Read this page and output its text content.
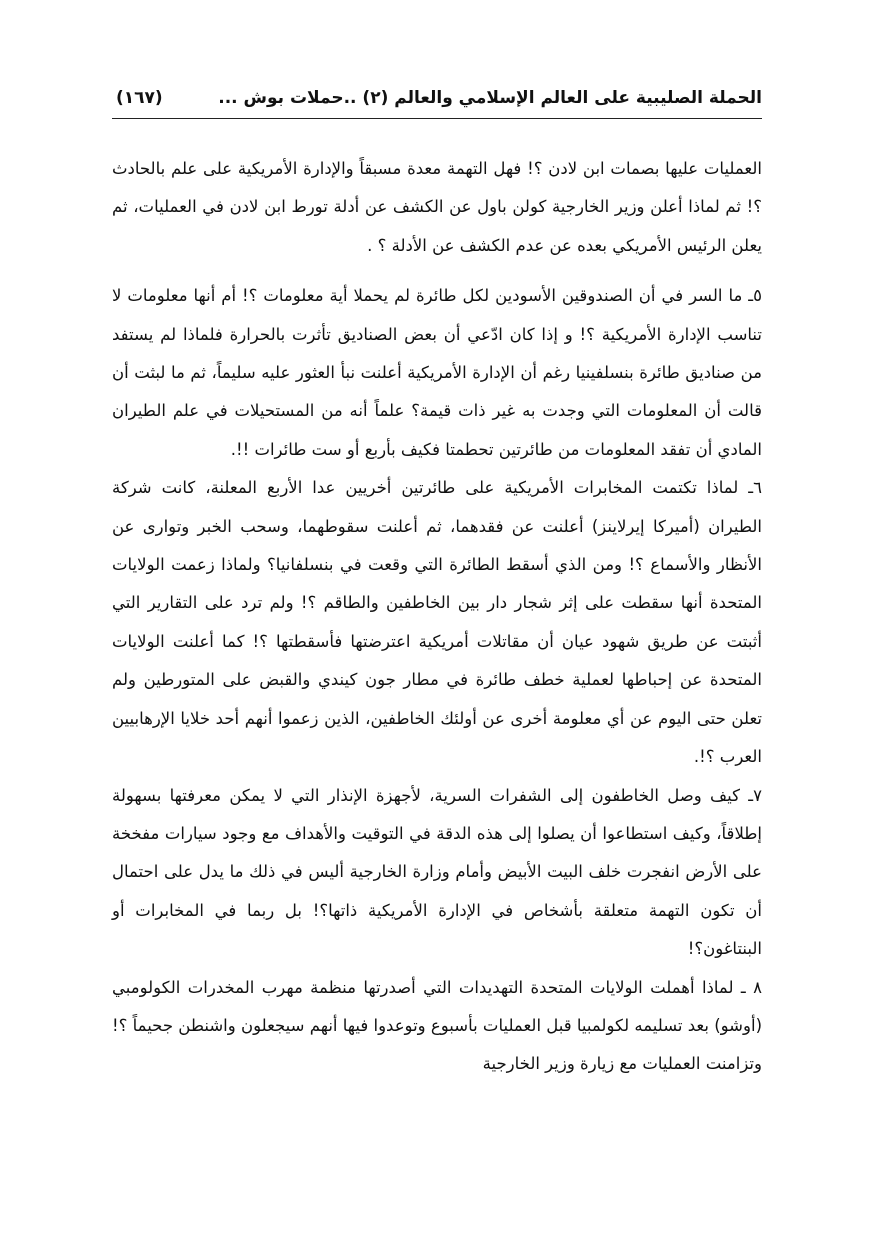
الحملة الصليبية على العالم الإسلامي والعالم (٢) ..حملات بوش ...
(١٦٧)

العمليات عليها بصمات ابن لادن ؟! فهل التهمة معدة مسبقاً والإدارة الأمريكية على علم بالحادث ؟! ثم لماذا أعلن وزير الخارجية كولن باول عن الكشف عن أدلة تورط ابن لادن في العمليات، ثم يعلن الرئيس الأمريكي بعده عن عدم الكشف عن الأدلة ؟ .

٥ـ ما السر في أن الصندوقين الأسودين لكل طائرة لم يحملا أية معلومات ؟! أم أنها معلومات لا تناسب الإدارة الأمريكية ؟! و إذا كان ادّعي أن بعض الصناديق تأثرت بالحرارة فلماذا لم يستفد من صناديق طائرة بنسلفينيا رغم أن الإدارة الأمريكية أعلنت نبأ العثور عليه سليماً، ثم ما لبثت أن قالت أن المعلومات التي وجدت به غير ذات قيمة؟ علماً أنه من المستحيلات في علم الطيران المادي أن تفقد المعلومات من طائرتين تحطمتا فكيف بأربع أو ست طائرات !!.

٦ـ لماذا تكتمت المخابرات الأمريكية على طائرتين أخريين عدا الأربع المعلنة، كانت شركة الطيران (أميركا إيرلاينز) أعلنت عن فقدهما، ثم أعلنت سقوطهما، وسحب الخبر وتوارى عن الأنظار والأسماع ؟! ومن الذي أسقط الطائرة التي وقعت في بنسلفانيا؟ ولماذا زعمت الولايات المتحدة أنها سقطت على إثر شجار دار بين الخاطفين والطاقم ؟! ولم ترد على التقارير التي أثبتت عن طريق شهود عيان أن مقاتلات أمريكية اعترضتها فأسقطتها ؟! كما أعلنت الولايات المتحدة عن إحباطها لعملية خطف طائرة في مطار جون كيندي والقبض على المتورطين ولم تعلن حتى اليوم عن أي معلومة أخرى عن أولئك الخاطفين، الذين زعموا أنهم أحد خلايا الإرهابيين العرب ؟!.

٧ـ كيف وصل الخاطفون إلى الشفرات السرية، لأجهزة الإنذار التي لا يمكن معرفتها بسهولة إطلاقاً، وكيف استطاعوا أن يصلوا إلى هذه الدقة في التوقيت والأهداف مع وجود سيارات مفخخة على الأرض انفجرت خلف البيت الأبيض وأمام وزارة الخارجية أليس في ذلك ما يدل على احتمال أن تكون التهمة متعلقة بأشخاص في الإدارة الأمريكية ذاتها؟! بل ربما في المخابرات أو البنتاغون؟!

٨ ـ لماذا أهملت الولايات المتحدة التهديدات التي أصدرتها منظمة مهرب المخدرات الكولومبي (أوشو) بعد تسليمه لكولمبيا قبل العمليات بأسبوع وتوعدوا فيها أنهم سيجعلون واشنطن جحيماً ؟! وتزامنت العمليات مع زيارة وزير الخارجية
